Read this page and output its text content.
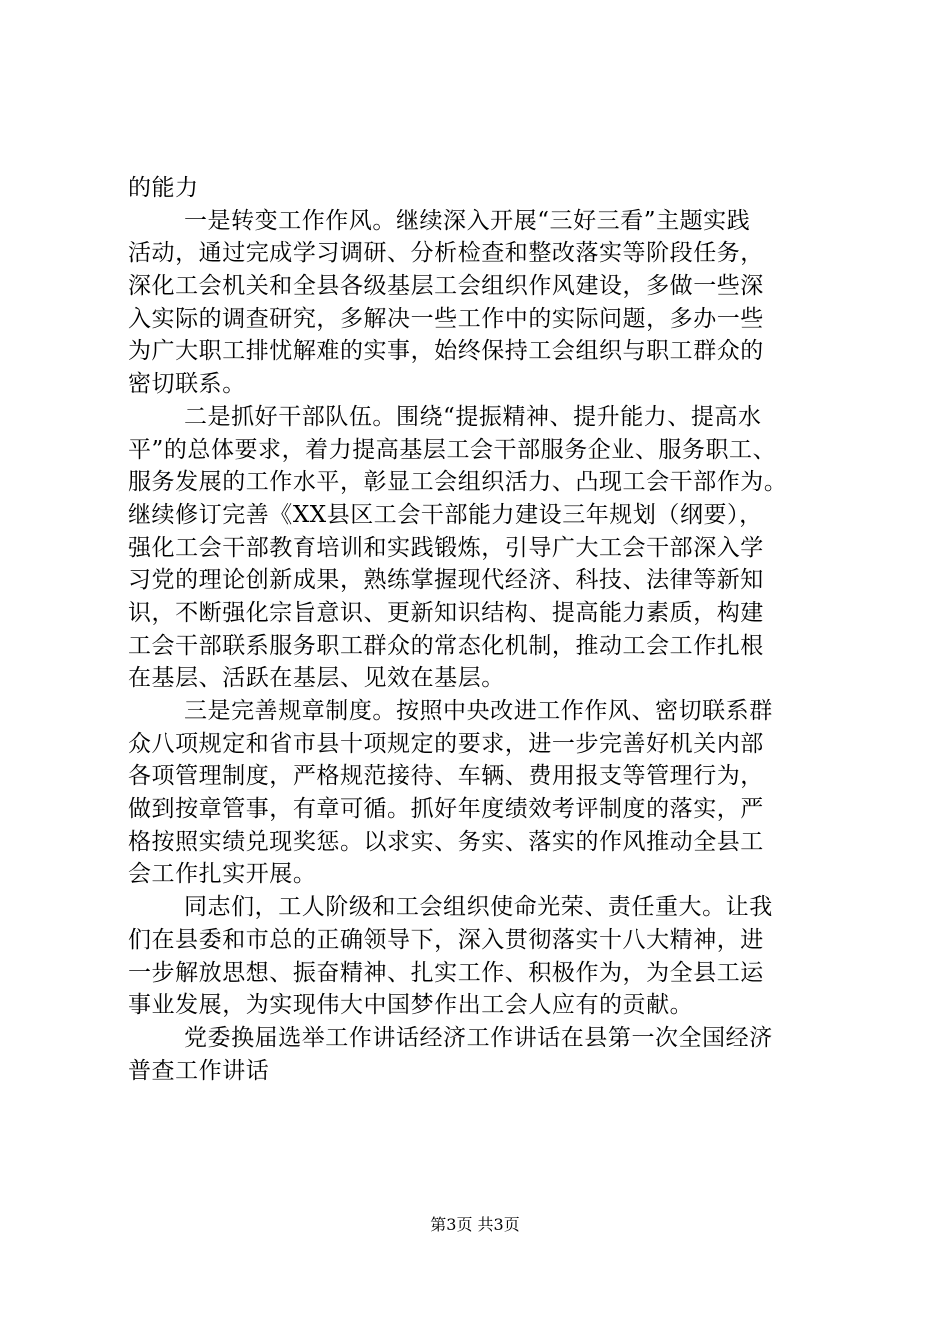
的能力
一是转变工作作风。继续深入开展“三好三看”主题实践
活动，通过完成学习调研、分析检查和整改落实等阶段任务，
深化工会机关和全县各级基层工会组织作风建设，多做一些深
入实际的调查研究，多解决一些工作中的实际问题，多办一些
为广大职工排忧解难的实事，始终保持工会组织与职工群众的
密切联系。
二是抓好干部队伍。围绕“提振精神、提升能力、提高水
平”的总体要求，着力提高基层工会干部服务企业、服务职工、
服务发展的工作水平，彰显工会组织活力、凸现工会干部作为。
继续修订完善《XX县区工会干部能力建设三年规划（纲要），
强化工会干部教育培训和实践锻炼，引导广大工会干部深入学
习党的理论创新成果，熟练掌握现代经济、科技、法律等新知
识，不断强化宗旨意识、更新知识结构、提高能力素质，构建
工会干部联系服务职工群众的常态化机制，推动工会工作扎根
在基层、活跃在基层、见效在基层。
三是完善规章制度。按照中央改进工作作风、密切联系群
众八项规定和省市县十项规定的要求，进一步完善好机关内部
各项管理制度，严格规范接待、车辆、费用报支等管理行为，
做到按章管事，有章可循。抓好年度绩效考评制度的落实，严
格按照实绩兑现奖惩。以求实、务实、落实的作风推动全县工
会工作扎实开展。
同志们，工人阶级和工会组织使命光荣、责任重大。让我
们在县委和市总的正确领导下，深入贯彻落实十八大精神，进
一步解放思想、振奋精神、扎实工作、积极作为，为全县工运
事业发展，为实现伟大中国梦作出工会人应有的贡献。
党委换届选举工作讲话经济工作讲话在县第一次全国经济
普查工作讲话
第3页 共3页
